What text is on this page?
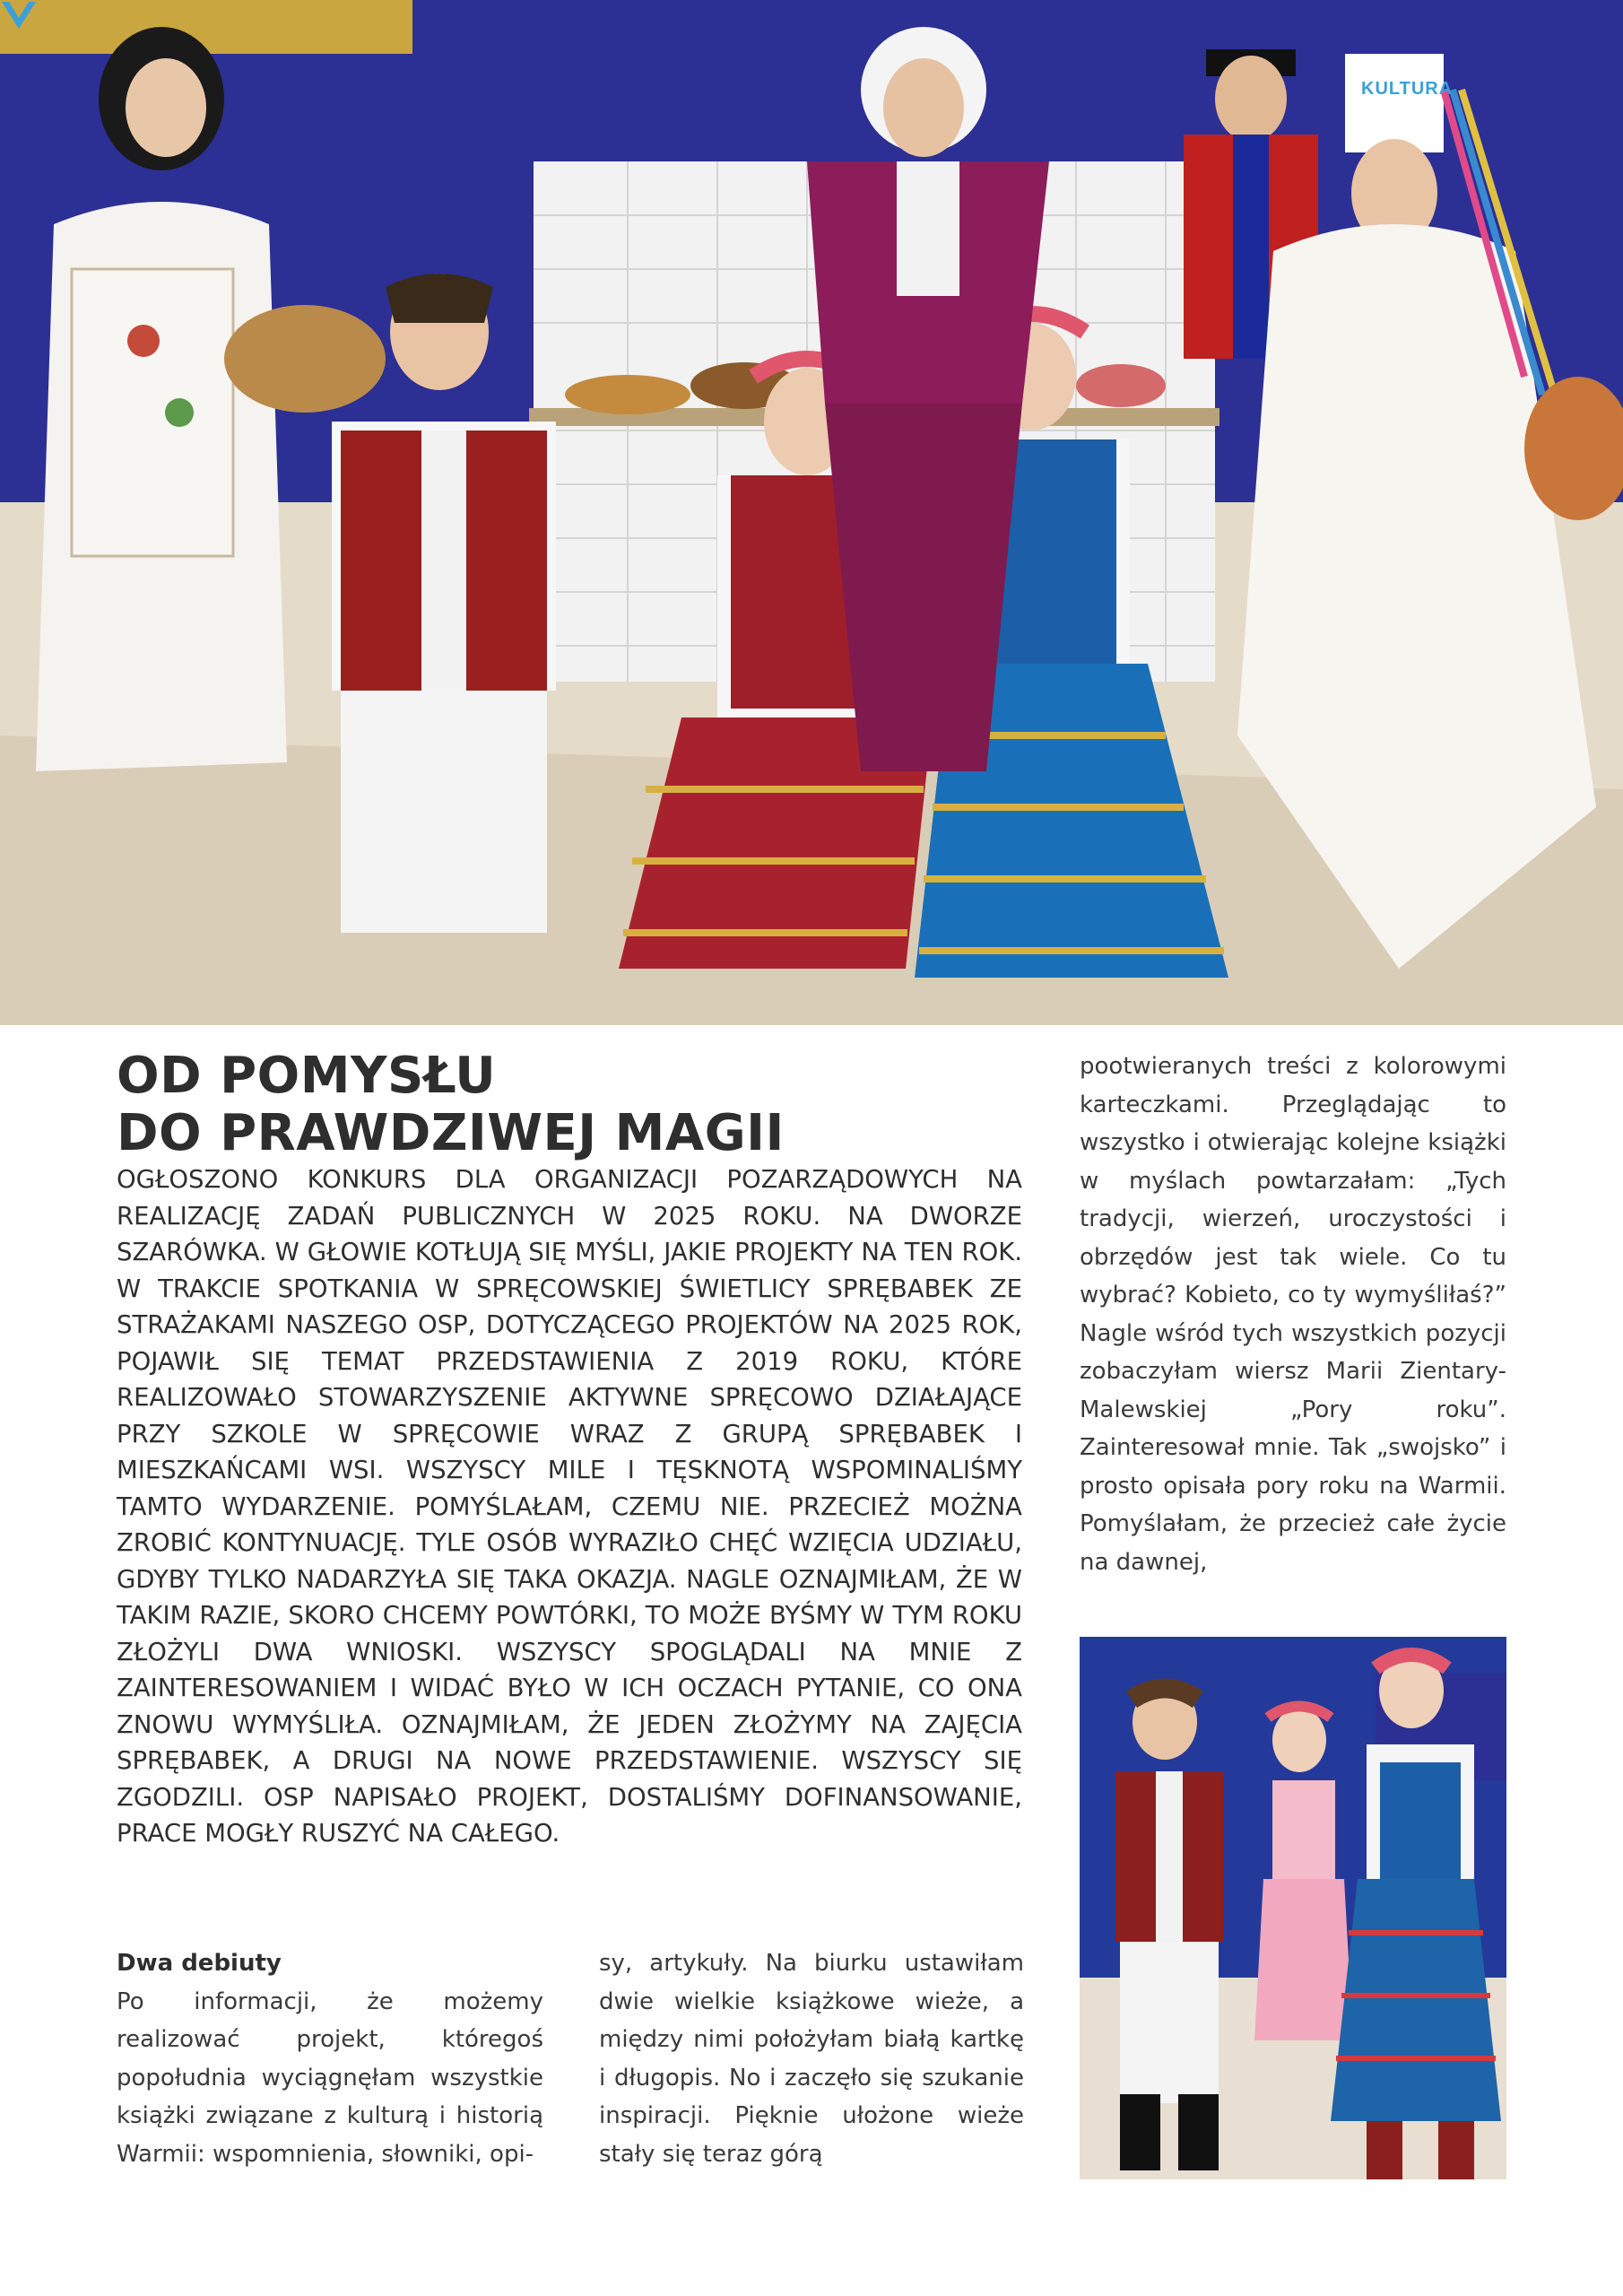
KULTURA
OD POMYSŁU
DO PRAWDZIWEJ MAGII

OGŁOSZONO KONKURS DLA ORGANIZACJI POZARZĄDOWYCH NA REALIZACJĘ ZADAŃ PUBLICZNYCH W 2025 ROKU. NA DWORZE SZARÓWKA. W GŁOWIE KOTŁUJĄ SIĘ MYŚLI, JAKIE PROJEKTY NA TEN ROK. W TRAKCIE SPOTKANIA W SPRĘCOWSKIEJ ŚWIETLICY SPRĘBABEK ZE STRAŻAKAMI NASZEGO OSP, DOTYCZĄCEGO PROJEKTÓW NA 2025 ROK, POJAWIŁ SIĘ TEMAT PRZEDSTAWIENIA Z 2019 ROKU, KTÓRE REALIZOWAŁO STOWARZYSZENIE AKTYWNE SPRĘCOWO DZIAŁAJĄCE PRZY SZKOLE W SPRĘCOWIE WRAZ Z GRUPĄ SPRĘBABEK I MIESZKAŃCAMI WSI. WSZYSCY MILE I TĘSKNOTĄ WSPOMINALIŚMY TAMTO WYDARZENIE. POMYŚLAŁAM, CZEMU NIE. PRZECIEŻ MOŻNA ZROBIĆ KONTYNUACJĘ. TYLE OSÓB WYRAZIŁO CHĘĆ WZIĘCIA UDZIAŁU, GDYBY TYLKO NADARZYŁA SIĘ TAKA OKAZJA. NAGLE OZNAJMIŁAM, ŻE W TAKIM RAZIE, SKORO CHCEMY POWTÓRKI, TO MOŻE BYŚMY W TYM ROKU ZŁOŻYLI DWA WNIOSKI. WSZYSCY SPOGLĄDALI NA MNIE Z ZAINTERESOWANIEM I WIDAĆ BYŁO W ICH OCZACH PYTANIE, CO ONA ZNOWU WYMYŚLIŁA. OZNAJMIŁAM, ŻE JEDEN ZŁOŻYMY NA ZAJĘCIA SPRĘBABEK, A DRUGI NA NOWE PRZEDSTAWIENIE. WSZYSCY SIĘ ZGODZILI. OSP NAPISAŁO PROJEKT, DOSTALIŚMY DOFINANSOWANIE, PRACE MOGŁY RUSZYĆ NA CAŁEGO.

Dwa debiuty
Po informacji, że możemy realizować projekt, któregoś popołudnia wyciągnęłam wszystkie książki związane z kulturą i historią Warmii: wspomnienia, słowniki, opi-

sy, artykuły. Na biurku ustawiłam dwie wielkie książkowe wieże, a między nimi położyłam białą kartkę i długopis. No i zaczęło się szukanie inspiracji. Pięknie ułożone wieże stały się teraz górą

pootwieranych treści z kolorowymi karteczkami. Przeglądając to wszystko i otwierając kolejne książki w myślach powtarzałam: „Tych tradycji, wierzeń, uroczystości i obrzędów jest tak wiele. Co tu wybrać? Kobieto, co ty wymyśliłaś?” Nagle wśród tych wszystkich pozycji zobaczyłam wiersz Marii Zientary-Malewskiej „Pory roku”. Zainteresował mnie. Tak „swojsko” i prosto opisała pory roku na Warmii. Pomyślałam, że przecież całe życie na dawnej,
